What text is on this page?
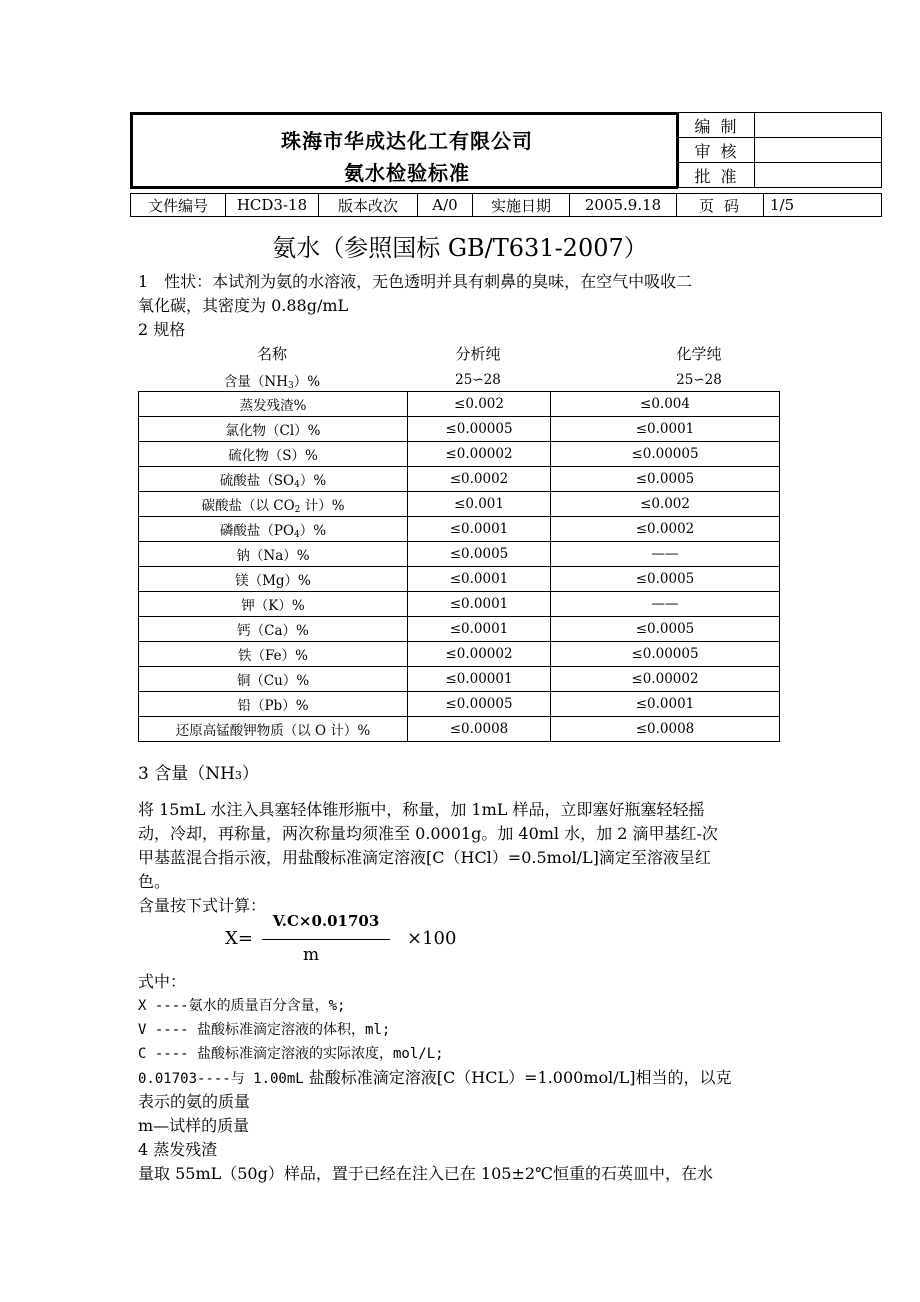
珠海市华成达化工有限公司
氨水检验标准
编制	
审核	
批准	
文件编号	HCD3-18	版本改次	A/0	实施日期	2005.9.18	页码	1/5
氨水（参照国标 GB/T631-2007）
1　性状：本试剂为氨的水溶液，无色透明并具有刺鼻的臭味，在空气中吸收二
氧化碳，其密度为 0.88g/mL
2 规格
名称	分析纯	化学纯
含量$(NH_3)\%$	25∽28	25∽28
蒸发残渣%	≤0.002	≤0.004
氯化物（Cl）%	≤0.00005	≤0.0001
硫化物（S）%	≤0.00002	≤0.00005
硫酸盐$(SO_4)\%$	≤0.0002	≤0.0005
碳酸盐（以 $CO_2$ 计）%	≤0.001	≤0.002
磷酸盐$(PO_4)\%$	≤0.0001	≤0.0002
钠（Na）%	≤0.0005	——
镁（Mg）%	≤0.0001	≤0.0005
钾（K）%	≤0.0001	——
钙（Ca）%	≤0.0001	≤0.0005
铁（Fe）%	≤0.00002	≤0.00005
铜（Cu）%	≤0.00001	≤0.00002
铅（Pb）%	≤0.00005	≤0.0001
还原高锰酸钾物质（以 O 计）%	≤0.0008	≤0.0008
3 含量（NH3）
将 15mL 水注入具塞轻体锥形瓶中，称量，加 1mL 样品，立即塞好瓶塞轻轻摇
动，冷却，再称量，两次称量均须准至 0.0001g。加 40ml 水，加 2 滴甲基红-次
甲基蓝混合指示液，用盐酸标准滴定溶液[C（HCl）=0.5mol/L]滴定至溶液呈红
色。
含量按下式计算：
X=
V.C×0.01703
m
×100
式中：
X ----氨水的质量百分含量，%;
V ---- 盐酸标准滴定溶液的体积，ml;
C ---- 盐酸标准滴定溶液的实际浓度，mol/L;
0.01703----与 1.00mL 盐酸标准滴定溶液[C（HCL）=1.000mol/L]相当的，以克
表示的氨的质量
m—试样的质量
4 蒸发残渣
量取 55mL（50g）样品，置于已经在注入已在 105±2℃恒重的石英皿中，在水
